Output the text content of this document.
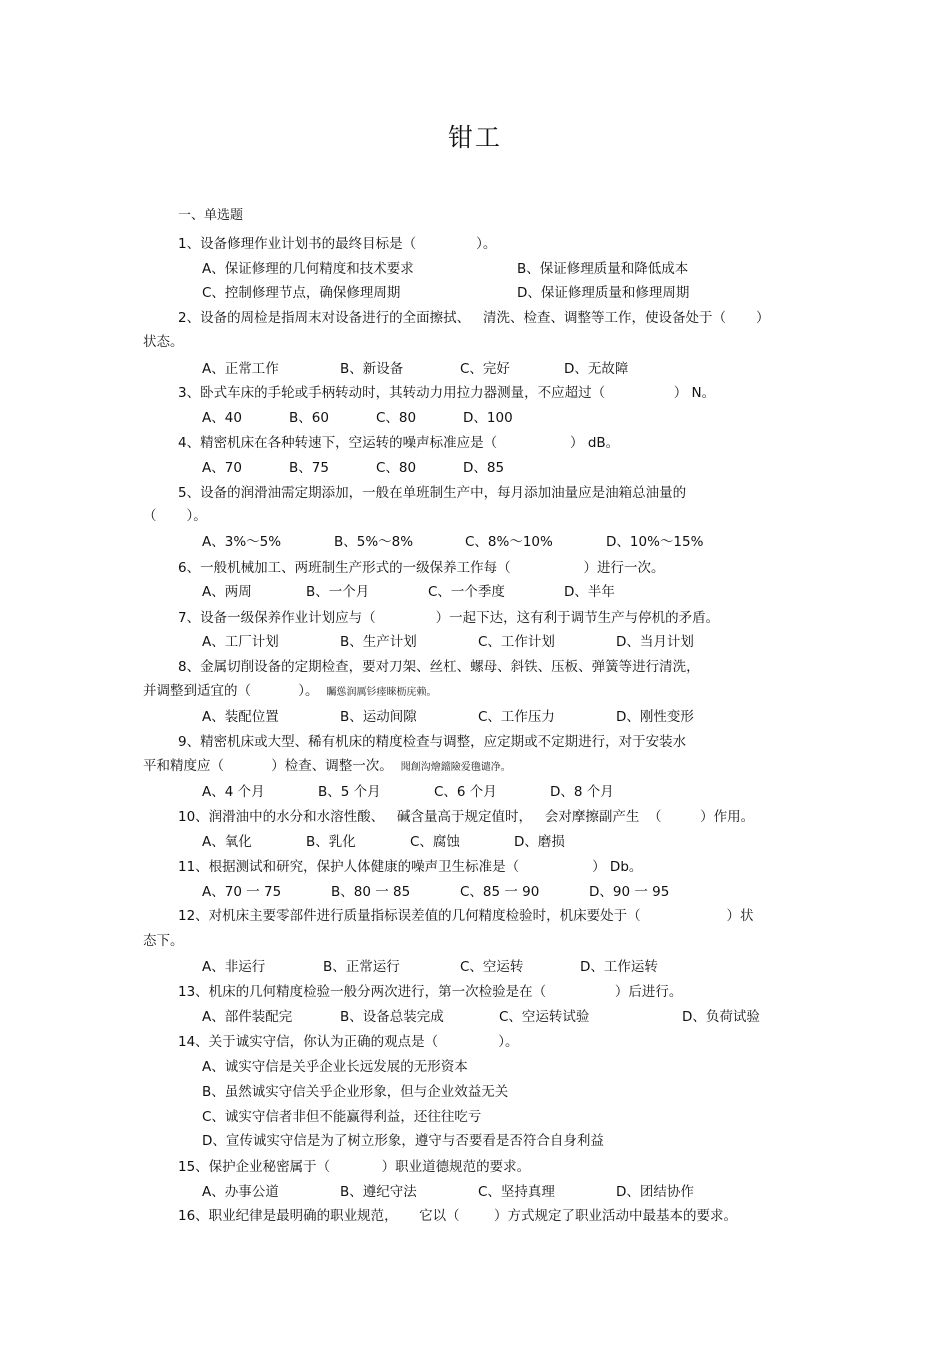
钳工
一、单选题
1、设备修理作业计划书的最终目标是（              ）。

A、保证修理的几何精度和技术要求

	B、保证修理质量和降低成本

C、控制修理节点，确保修理周期

	D、保证修理质量和修理周期

2、设备的周检是指周末对设备进行的全面擦拭、   清洗、检查、调整等工作，使设备处于（       ）
状态。

A、正常工作

	B、新设备

	C、完好

	D、无故障

3、卧式车床的手轮或手柄转动时，其转动力用拉力器测量，不应超过（                ） N。

A、40

	B、60

	C、80

	D、100

4、精密机床在各种转速下，空运转的噪声标准应是（                 ） dB。

A、70

	B、75

	C、80

	D、85

5、设备的润滑油需定期添加，一般在单班制生产中，每月添加油量应是油箱总油量的
（       ）。

A、3%～5%

	B、5%～8%

	C、8%～10%

	D、10%～15%

6、一般机械加工、两班制生产形式的一级保养工作每（                 ）进行一次。

A、两周

	B、一个月

	C、一个季度

	D、半年

7、设备一级保养作业计划应与（              ）一起下达，这有利于调节生产与停机的矛盾。

A、工厂计划

	B、生产计划

	C、工作计划

	D、当月计划

8、金属切削设备的定期检查，要对刀架、丝杠、螺母、斜铁、压板、弹簧等进行清洗，
并调整到适宜的（           ）。 矚慫润厲钐瘗睞枥庑赖。

A、装配位置

	B、运动间隙

	C、工作压力

	D、刚性变形

9、精密机床或大型、稀有机床的精度检查与调整，应定期或不定期进行，对于安装水
平和精度应（           ）检查、调整一次。 聞創沟燴鐺險爱氇谴净。

A、4 个月

	B、5 个月

	C、6 个月

	D、8 个月

10、润滑油中的水分和水溶性酸、   碱含量高于规定值时，   会对摩擦副产生  （         ）作用。

A、氧化

	B、乳化

	C、腐蚀

	D、磨损

11、根据测试和研究，保护人体健康的噪声卫生标准是（                 ） Db。

A、70 一 75

	B、80 一 85

	C、85 一 90

	D、90 一 95

12、对机床主要零部件进行质量指标误差值的几何精度检验时，机床要处于（                    ）状
态下。

A、非运行

	B、正常运行

	C、空运转

	D、工作运转

13、机床的几何精度检验一般分两次进行，第一次检验是在（                ）后进行。

A、部件装配完

	B、设备总装完成

	C、空运转试验

	D、负荷试验

14、关于诚实守信，你认为正确的观点是（              ）。
A、诚实守信是关乎企业长远发展的无形资本
B、虽然诚实守信关乎企业形象，但与企业效益无关
C、诚实守信者非但不能赢得利益，还往往吃亏
D、宣传诚实守信是为了树立形象，遵守与否要看是否符合自身利益
15、保护企业秘密属于（            ）职业道德规范的要求。

A、办事公道

	B、遵纪守法

	C、坚持真理

	D、团结协作

16、职业纪律是最明确的职业规范，     它以（        ）方式规定了职业活动中最基本的要求。
